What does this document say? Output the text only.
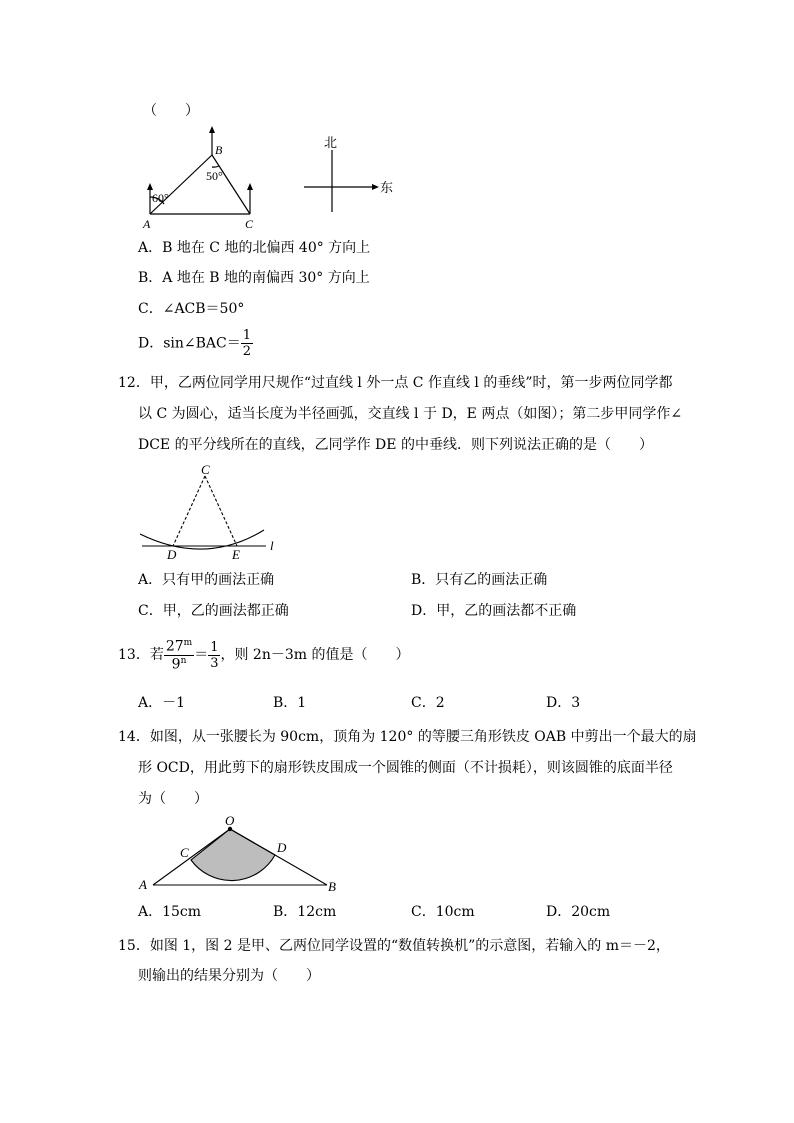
（　　）
A
B
C
60°
50°
北
东
A．B 地在 C 地的北偏西 40° 方向上
B．A 地在 B 地的南偏西 30° 方向上
C．∠ACB＝50°
D．sin∠BAC＝ $\frac{1}{2}$
12．甲，乙两位同学用尺规作“过直线 l 外一点 C 作直线 l 的垂线”时，第一步两位同学都
以 C 为圆心，适当长度为半径画弧，交直线 l 于 D，E 两点（如图）；第二步甲同学作∠
DCE 的平分线所在的直线，乙同学作 DE 的中垂线．则下列说法正确的是（　　）
C
D	E
l
A．只有甲的画法正确	B．只有乙的画法正确
C．甲，乙的画法都正确	D．甲，乙的画法都不正确
13．若 $\frac{27^m}{9^n} = \frac{1}{3}$ ，则 2n－3m 的值是（　　）
A．－1	B．1	C．2	D．3
14．如图，从一张腰长为 90cm，顶角为 120° 的等腰三角形铁皮 OAB 中剪出一个最大的扇
形 OCD，用此剪下的扇形铁皮围成一个圆锥的侧面（不计损耗），则该圆锥的底面半径
为（　　）
O
A	B
C	D
A．15cm	B．12cm	C．10cm	D．20cm
15．如图 1，图 2 是甲、乙两位同学设置的“数值转换机”的示意图，若输入的 m＝－2，
则输出的结果分别为（　　）
